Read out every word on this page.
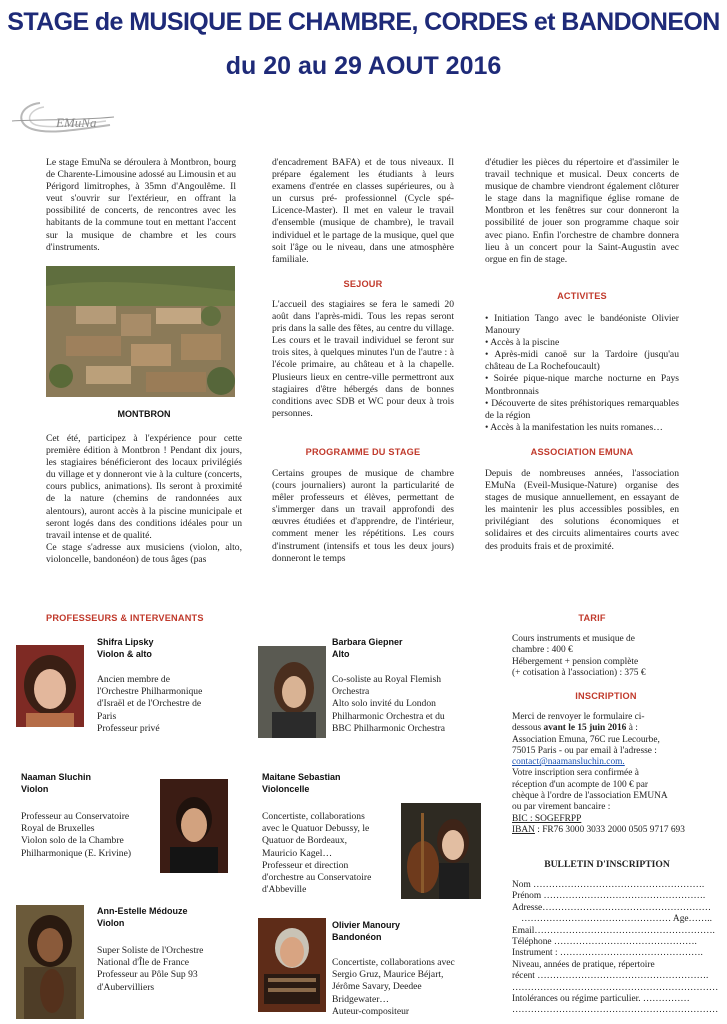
STAGE de MUSIQUE DE CHAMBRE, CORDES et BANDONEON
du 20 au 29 AOUT 2016
EMuNa

Le stage EmuNa se déroulera à Montbron, bourg de Charente-Limousine adossé au Limousin et au Périgord limitrophes, à 35mn d'Angoulême. Il veut s'ouvrir sur l'extérieur, en offrant la possibilité de concerts, de rencontres avec les habitants de la commune tout en mettant l'accent sur la musique de chambre et les cours d'instruments.

MONTBRON

Cet été, participez à l'expérience pour cette première édition à Montbron ! Pendant dix jours, les stagiaires bénéficieront des locaux privilégiés du village et y donneront vie à la culture (concerts, cours publics, animations). Ils seront à proximité de la nature (chemins de randonnées aux alentours), auront accès à la piscine municipale et seront logés dans des conditions idéales pour un travail intense et de qualité.

Ce stage s'adresse aux musiciens (violon, alto, violoncelle, bandonéon) de tous âges (pas

d'encadrement BAFA) et de tous niveaux. Il prépare également les étudiants à leurs examens d'entrée en classes supérieures, ou à un cursus pré- professionnel (Cycle spé-Licence-Master). Il met en valeur le travail d'ensemble (musique de chambre), le travail individuel et le partage de la musique, quel que soit l'âge ou le niveau, dans une atmosphère familiale.

SEJOUR

L'accueil des stagiaires se fera le samedi 20 août dans l'après-midi. Tous les repas seront pris dans la salle des fêtes, au centre du village. Les cours et le travail individuel se feront sur trois sites, à quelques minutes l'un de l'autre : à l'école primaire, au château et à la chapelle. Plusieurs lieux en centre-ville permettront aux stagiaires d'être hébergés dans de bonnes conditions avec SDB et WC pour deux à trois personnes.

PROGRAMME DU STAGE

Certains groupes de musique de chambre (cours journaliers) auront la particularité de mêler professeurs et élèves, permettant de s'immerger dans un travail approfondi des œuvres étudiées et d'apprendre, de l'intérieur, comment mener les répétitions. Les cours d'instrument (intensifs et tous les deux jours) donneront le temps

d'étudier les pièces du répertoire et d'assimiler le travail technique et musical. Deux concerts de musique de chambre viendront également clôturer le stage dans la magnifique église romane de Montbron et les fenêtres sur cour donneront la possibilité de jouer son programme chaque soir avec piano. Enfin l'orchestre de chambre donnera lieu à un concert pour la Saint-Augustin avec orgue en fin de stage.

ACTIVITES
• Initiation Tango avec le bandéoniste Olivier Manoury
• Accès à la piscine
• Après-midi canoë sur la Tardoire (jusqu'au château de La Rochefoucault)
• Soirée pique-nique marche nocturne en Pays Montbronnais
• Découverte de sites préhistoriques remarquables de la région
• Accès à la manifestation les nuits romanes…
ASSOCIATION EMUNA

Depuis de nombreuses années, l'association EMuNa (Eveil-Musique-Nature) organise des stages de musique annuellement, en essayant de les maintenir les plus accessibles possibles, en privilégiant des solutions économiques et solidaires et des circuits alimentaires courts avec des produits frais et de proximité.

PROFESSEURS & INTERVENANTS
Shifra Lipsky
Violon & alto
Ancien membre de
l'Orchestre Philharmonique
d'Israël et de l'Orchestre de
Paris
Professeur privé
Barbara Giepner
Alto
Co-soliste au Royal Flemish
Orchestra
Alto solo invité du London
Philharmonic Orchestra et du
BBC Philharmonic Orchestra
Naaman Sluchin
Violon
Professeur au Conservatoire
Royal de Bruxelles
Violon solo de la Chambre
Philharmonique (E. Krivine)
Maitane Sebastian
Violoncelle
Concertiste, collaborations
avec le Quatuor Debussy, le
Quatuor de Bordeaux,
Mauricio Kagel…
Professeur et direction
d'orchestre au Conservatoire
d'Abbeville
Ann-Estelle Médouze
Violon
Super Soliste de l'Orchestre
National d'Île de France
Professeur au Pôle Sup 93
d'Aubervilliers
Olivier Manoury
Bandonéon
Concertiste, collaborations avec
Sergio Gruz, Maurice Béjart,
Jérôme Savary, Deedee
Bridgewater…
Auteur-compositeur
TARIF
Cours instruments et musique de
chambre : 400 €
Hébergement + pension complète
(+ cotisation à l'association) : 375 €
INSCRIPTION
Merci de renvoyer le formulaire ci-
dessous avant le 15 juin 2016 à :
Association Emuna, 76C rue Lecourbe,
75015 Paris - ou par email à l'adresse :
contact@naamansluchin.com.
Votre inscription sera confirmée à
réception d'un acompte de 100 € par
chèque à l'ordre de l'association EMUNA
ou par virement bancaire :
BIC : SOGEFRPP
IBAN : FR76 3000 3033 2000 0505 9717 693
BULLETIN D'INSCRIPTION
Nom ……………………………………………….
Prénom …………………………………………….
Adresse………………………………………………
………………………………………… Age……..
Email………………………………………………….
Téléphone ……………………………………….
Instrument : ……………………………………….
Niveau, années de pratique, répertoire
récent ……………………………………………….
…………………………………………………………
Intolérances ou régime particulier. ……………
…………………………………………………………
